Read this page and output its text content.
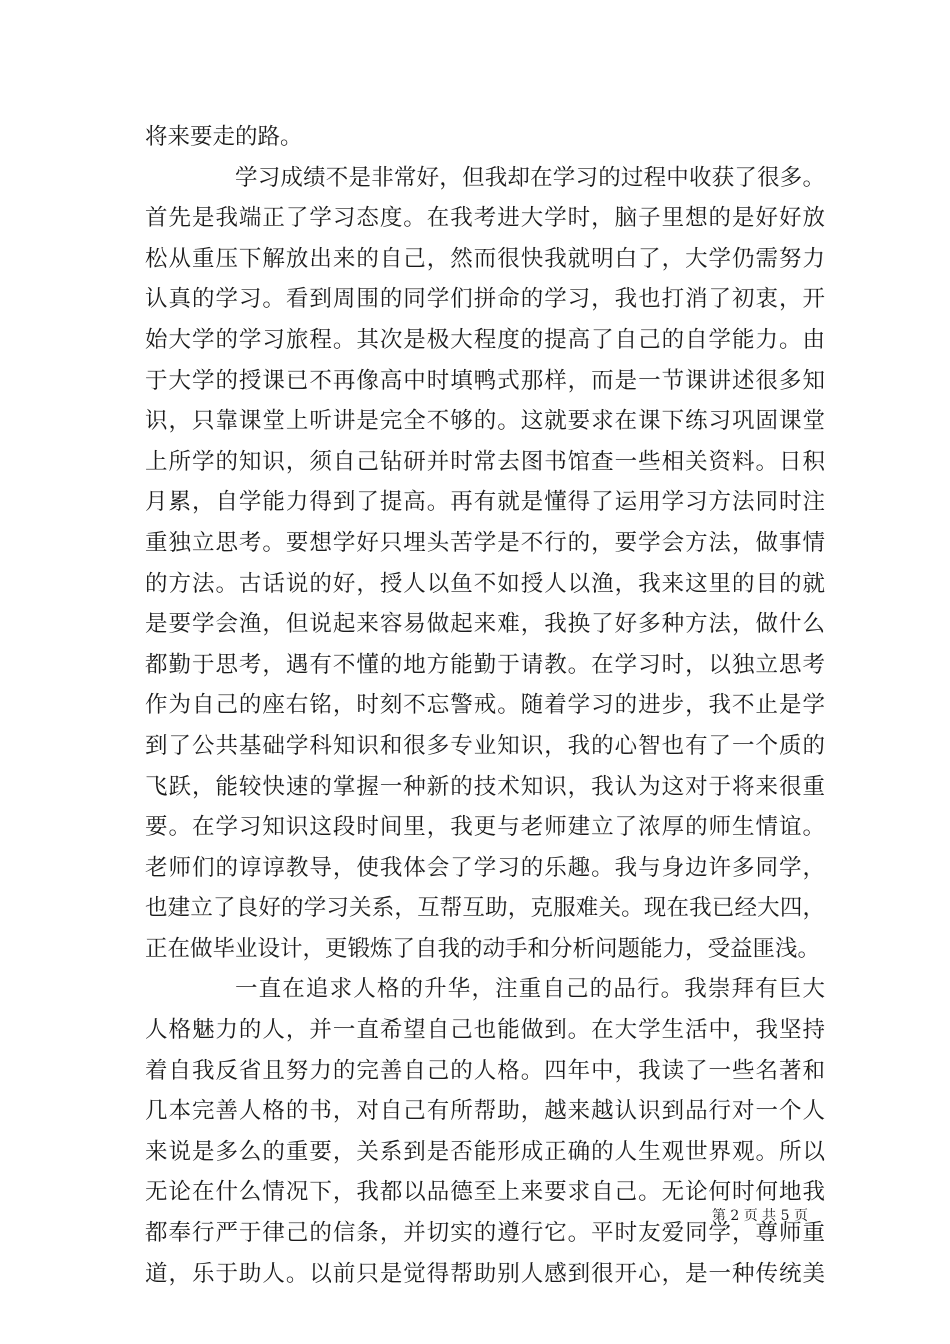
将来要走的路。
学习成绩不是非常好，但我却在学习的过程中收获了很多。
首先是我端正了学习态度。在我考进大学时，脑子里想的是好好放
松从重压下解放出来的自己，然而很快我就明白了，大学仍需努力
认真的学习。看到周围的同学们拼命的学习，我也打消了初衷，开
始大学的学习旅程。其次是极大程度的提高了自己的自学能力。由
于大学的授课已不再像高中时填鸭式那样，而是一节课讲述很多知
识，只靠课堂上听讲是完全不够的。这就要求在课下练习巩固课堂
上所学的知识，须自己钻研并时常去图书馆查一些相关资料。日积
月累，自学能力得到了提高。再有就是懂得了运用学习方法同时注
重独立思考。要想学好只埋头苦学是不行的，要学会方法，做事情
的方法。古话说的好，授人以鱼不如授人以渔，我来这里的目的就
是要学会渔，但说起来容易做起来难，我换了好多种方法，做什么
都勤于思考，遇有不懂的地方能勤于请教。在学习时，以独立思考
作为自己的座右铭，时刻不忘警戒。随着学习的进步，我不止是学
到了公共基础学科知识和很多专业知识，我的心智也有了一个质的
飞跃，能较快速的掌握一种新的技术知识，我认为这对于将来很重
要。在学习知识这段时间里，我更与老师建立了浓厚的师生情谊。
老师们的谆谆教导，使我体会了学习的乐趣。我与身边许多同学，
也建立了良好的学习关系，互帮互助，克服难关。现在我已经大四，
正在做毕业设计，更锻炼了自我的动手和分析问题能力，受益匪浅。
一直在追求人格的升华，注重自己的品行。我崇拜有巨大
人格魅力的人，并一直希望自己也能做到。在大学生活中，我坚持
着自我反省且努力的完善自己的人格。四年中，我读了一些名著和
几本完善人格的书，对自己有所帮助，越来越认识到品行对一个人
来说是多么的重要，关系到是否能形成正确的人生观世界观。所以
无论在什么情况下，我都以品德至上来要求自己。无论何时何地我
都奉行严于律己的信条，并切实的遵行它。平时友爱同学，尊师重
道，乐于助人。以前只是觉得帮助别人感到很开心，是一种传统美
第 2 页 共 5 页
